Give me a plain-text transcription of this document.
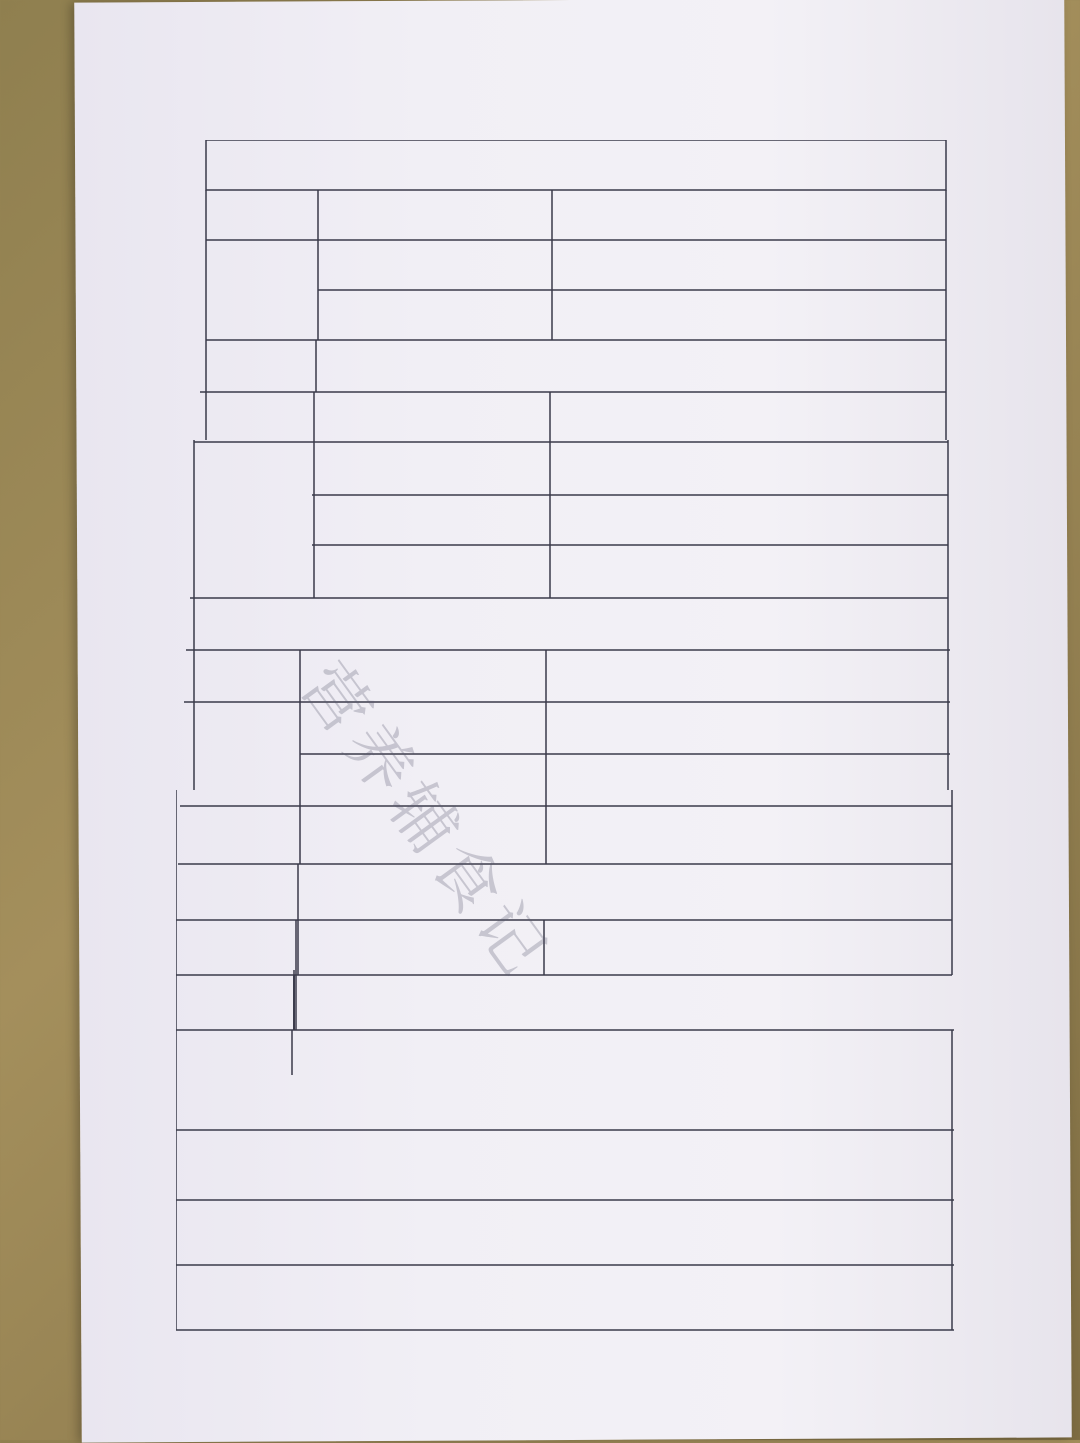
营养辅食记
